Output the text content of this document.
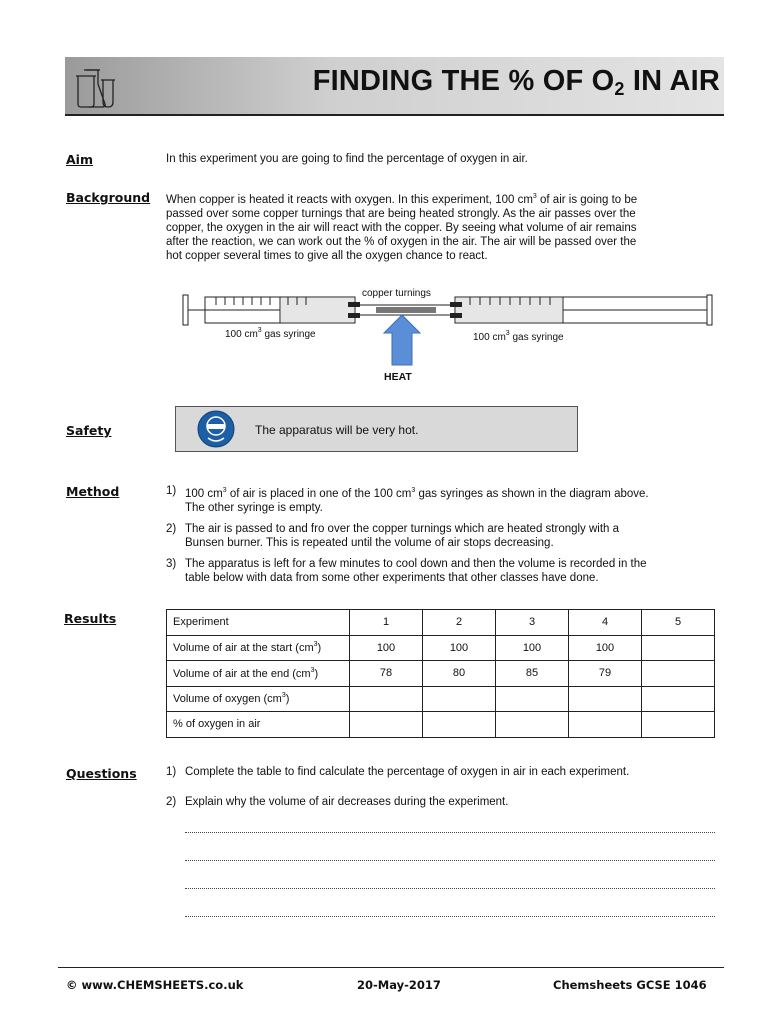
FINDING THE % OF $O_2$ IN AIR
Aim	In this experiment you are going to find the percentage of oxygen in air.
Background When copper is heated it reacts with oxygen. In this experiment, 100 $cm^3$ of air is going to be
passed over some copper turnings that are being heated strongly. As the air passes over the
copper, the oxygen in the air will react with the copper. By seeing what volume of air remains
after the reaction, we can work out the % of oxygen in the air. The air will be passed over the
hot copper several times to give all the oxygen chance to react.
copper turnings
100 $cm^3$ gas syringe	100 $cm^3$ gas syringe
HEAT
Safety	The apparatus will be very hot.
Method	1) 100 $cm^3$ of air is placed in one of the 100 $cm^3$ gas syringes as shown in the diagram above.
The other syringe is empty.
2) The air is passed to and fro over the copper turnings which are heated strongly with a
Bunsen burner. This is repeated until the volume of air stops decreasing.
3) The apparatus is left for a few minutes to cool down and then the volume is recorded in the
table below with data from some other experiments that other classes have done.
Results	Experiment	1	2	3	4	5
Volume of air at the start $(cm^3)$	100	100	100	100	
Volume of air at the end $(cm^3)$	78	80	85	79	
Volume of oxygen $(cm^3)$					
% of oxygen in air					
Questions	1) Complete the table to find calculate the percentage of oxygen in air in each experiment.
2) Explain why the volume of air decreases during the experiment.
© www.CHEMSHEETS.co.uk	20-May-2017	Chemsheets GCSE 1046
